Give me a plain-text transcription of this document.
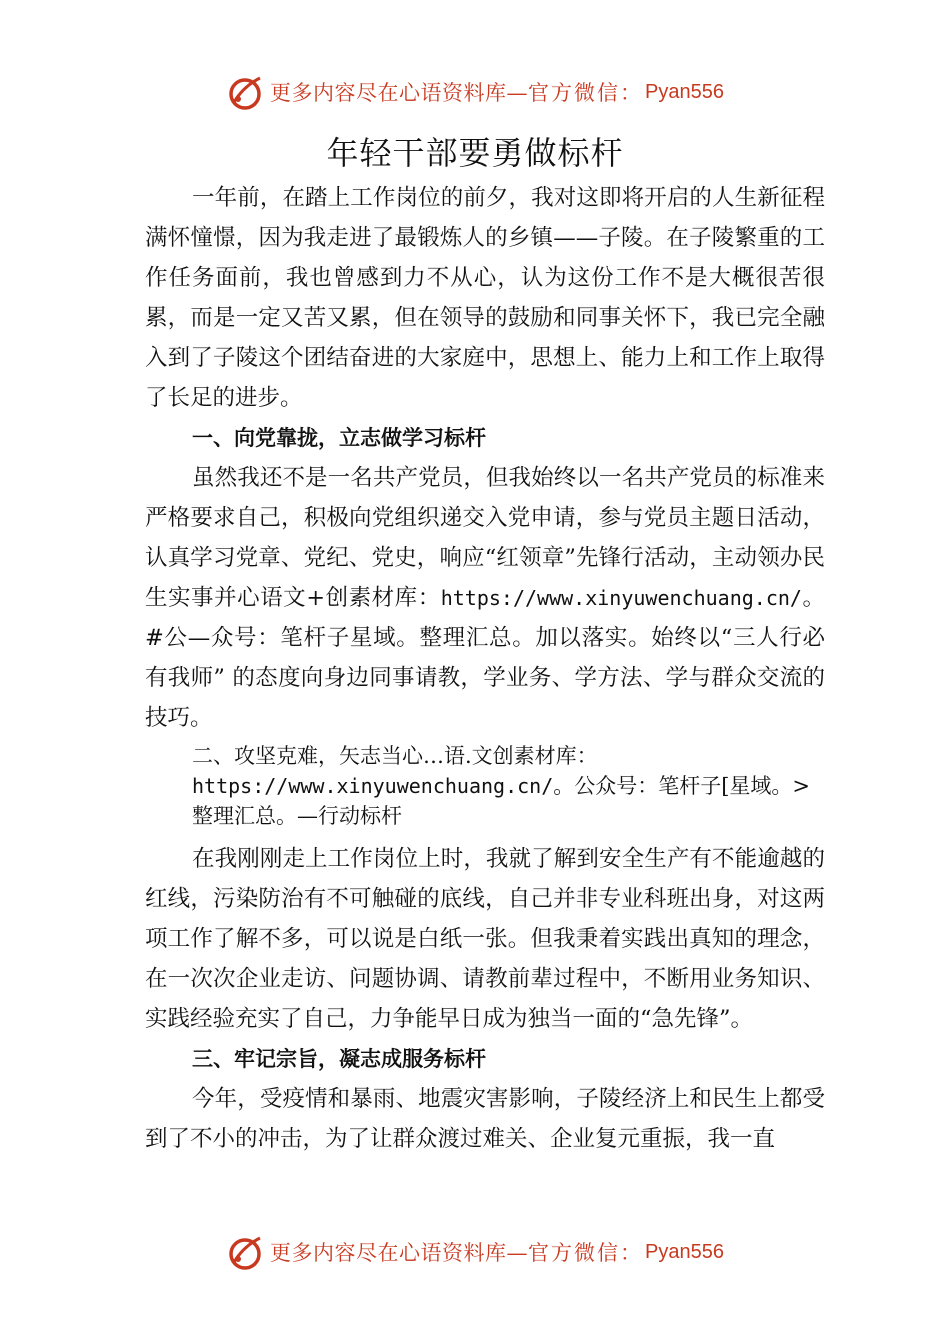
更多内容尽在心语资料库— 官方微信： Pyan556
年轻干部要勇做标杆

一年前，在踏上工作岗位的前夕，我对这即将开启的人生新征程满怀憧憬，因为我走进了最锻炼人的乡镇——子陵。在子陵繁重的工作任务面前，我也曾感到力不从心，认为这份工作不是大概很苦很累，而是一定又苦又累，但在领导的鼓励和同事关怀下，我已完全融入到了子陵这个团结奋进的大家庭中，思想上、能力上和工作上取得了长足的进步。

一、向党靠拢，立志做学习标杆

虽然我还不是一名共产党员，但我始终以一名共产党员的标准来严格要求自己，积极向党组织递交入党申请，参与党员主题日活动，认真学习党章、党纪、党史，响应“红领章”先锋行活动，主动领办民生实事并心语文+创素材库：https://www.xinyuwenchuang.cn/。#公—众号：笔杆子星域。整理汇总。加以落实。始终以“三人行必有我师” 的态度向身边同事请教，学业务、学方法、学与群众交流的技巧。

二、攻坚克难，矢志当心…语.文创素材库：https://www.xinyuwenchuang.cn/。公众号：笔杆子[星域。>整理汇总。—行动标杆

在我刚刚走上工作岗位上时，我就了解到安全生产有不能逾越的红线，污染防治有不可触碰的底线，自己并非专业科班出身，对这两项工作了解不多，可以说是白纸一张。但我秉着实践出真知的理念，在一次次企业走访、问题协调、请教前辈过程中，不断用业务知识、实践经验充实了自己，力争能早日成为独当一面的“急先锋”。

三、牢记宗旨，凝志成服务标杆

今年，受疫情和暴雨、地震灾害影响，子陵经济上和民生上都受到了不小的冲击，为了让群众渡过难关、企业复元重振，我一直

更多内容尽在心语资料库— 官方微信： Pyan556
